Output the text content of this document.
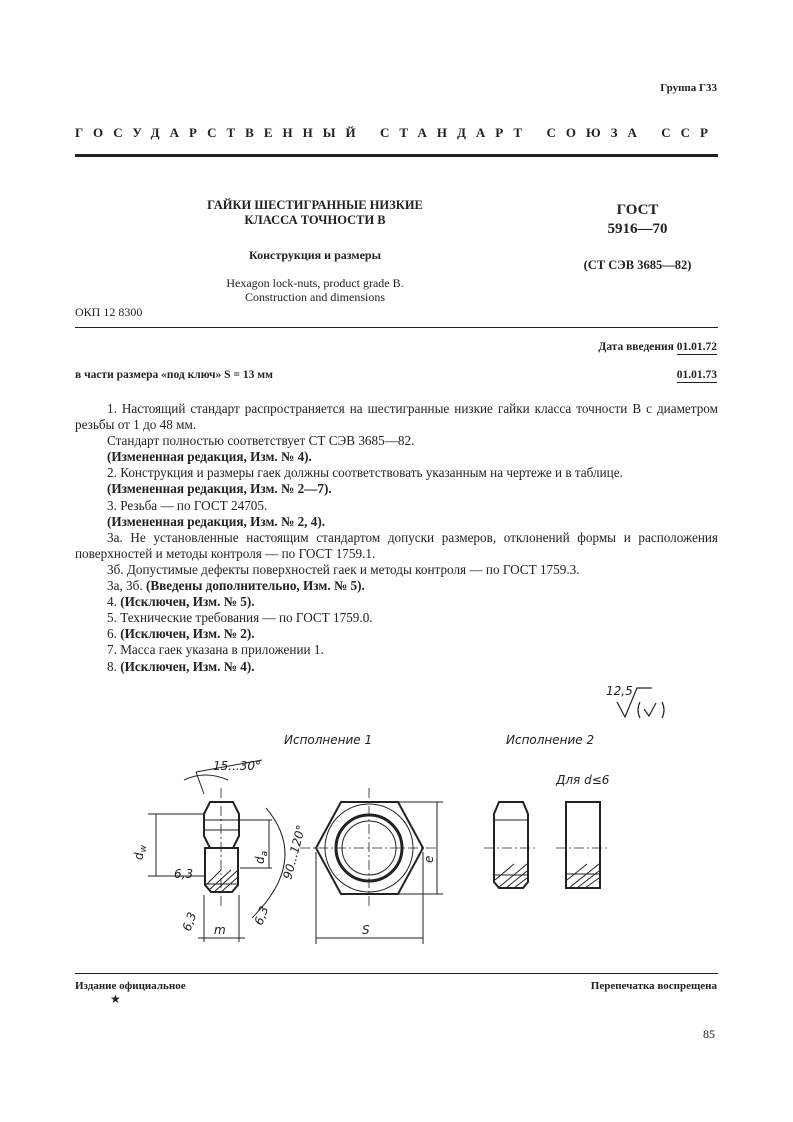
Группа Г33
ГОСУДАРСТВЕННЫЙ СТАНДАРТ СОЮЗА ССР
ГАЙКИ ШЕСТИГРАННЫЕ НИЗКИЕ
КЛАССА ТОЧНОСТИ В
Конструкция и размеры
Hexagon lock-nuts, product grade B.
Construction and dimensions
ОКП 12 8300
ГОСТ
5916—70
(СТ СЭВ 3685—82)
Дата введения 01.01.72
в части размера «под ключ» S = 13 мм	01.01.73

1. Настоящий стандарт распространяется на шестигранные низкие гайки класса точности В с диаметром резьбы от 1 до 48 мм.

Стандарт полностью соответствует СТ СЭВ 3685—82.

(Измененная редакция, Изм. № 4).

2. Конструкция и размеры гаек должны соответствовать указанным на чертеже и в таблице.

(Измененная редакция, Изм. № 2—7).

3. Резьба — по ГОСТ 24705.

(Измененная редакция, Изм. № 2, 4).

3а. Не установленные настоящим стандартом допуски размеров, отклонений формы и расположения поверхностей и методы контроля — по ГОСТ 1759.1.

3б. Допустимые дефекты поверхностей гаек и методы контроля — по ГОСТ 1759.3.

3а, 3б. (Введены дополнительно, Изм. № 5).

4. (Исключен, Изм. № 5).

5. Технические требования — по ГОСТ 1759.0.

6. (Исключен, Изм. № 2).

7. Масса гаек указана в приложении 1.

8. (Исключен, Изм. № 4).

12,5
Исполнение 1	Исполнение 2
Для d≤6
15...30°
$d_w$
$d_a$
6,3
6,3	6,3
m
90...120°	e
S
Издание официальное
★
Перепечатка воспрещена
85
